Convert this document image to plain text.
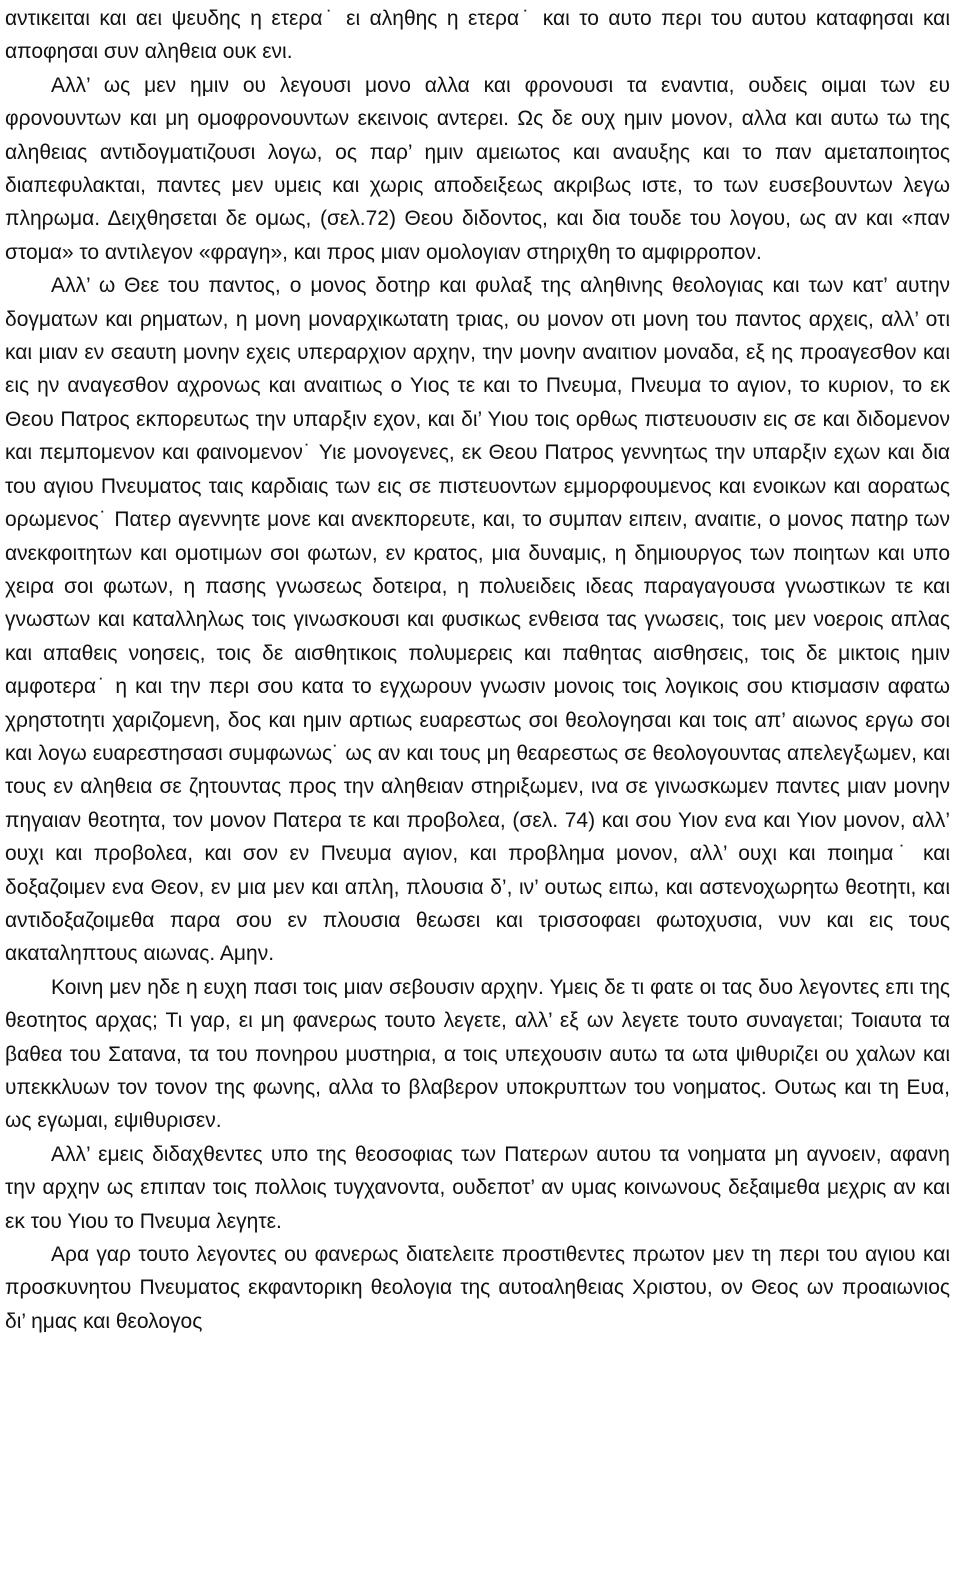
αντικειται και αει ψευδης η ετερα˙ ει αληθης η ετερα˙ και το αυτο περι του αυτου καταφησαι και αποφησαι συν αληθεια ουκ ενι.

Αλλ’ ως μεν ημιν ου λεγουσι μονο αλλα και φρονουσι τα εναντια, ουδεις οιμαι των ευ φρονουντων και μη ομοφρονουντων εκεινοις αντερει. Ως δε ουχ ημιν μονον, αλλα και αυτω τω της αληθειας αντιδογματιζουσι λογω, ος παρ’ ημιν αμειωτος και αναυξης και το παν αμεταποιητος διαπεφυλακται, παντες μεν υμεις και χωρις αποδειξεως ακριβως ιστε, το των ευσεβουντων λεγω πληρωμα. Δειχθησεται δε ομως, (σελ.72) Θεου διδοντος, και δια τουδε του λογου, ως αν και «παν στομα» το αντιλεγον «φραγη», και προς μιαν ομολογιαν στηριχθη το αμφιρροπον.

Αλλ’ ω Θεε του παντος, ο μονος δοτηρ και φυλαξ της αληθινης θεολογιας και των κατ’ αυτην δογματων και ρηματων, η μονη μοναρχικωτατη τριας, ου μονον οτι μονη του παντος αρχεις, αλλ’ οτι και μιαν εν σεαυτη μονην εχεις υπεραρχιον αρχην, την μονην αναιτιον μοναδα, εξ ης προαγεσθον και εις ην αναγεσθον αχρονως και αναιτιως ο Υιος τε και το Πνευμα, Πνευμα το αγιον, το κυριον, το εκ Θεου Πατρος εκπορευτως την υπαρξιν εχον, και δι’ Υιου τοις ορθως πιστευουσιν εις σε και διδομενον και πεμπομενον και φαινομενον˙ Υιε μονογενες, εκ Θεου Πατρος γεννητως την υπαρξιν εχων και δια του αγιου Πνευματος ταις καρδιαις των εις σε πιστευοντων εμμορφουμενος και ενοικων και αορατως ορωμενος˙ Πατερ αγεννητε μονε και ανεκπορευτε, και, το συμπαν ειπειν, αναιτιε, ο μονος πατηρ των ανεκφοιτητων και ομοτιμων σοι φωτων, εν κρατος, μια δυναμις, η δημιουργος των ποιητων και υπο χειρα σοι φωτων, η πασης γνωσεως δοτειρα, η πολυειδεις ιδεας παραγαγουσα γνωστικων τε και γνωστων και καταλληλως τοις γινωσκουσι και φυσικως ενθεισα τας γνωσεις, τοις μεν νοεροις απλας και απαθεις νοησεις, τοις δε αισθητικοις πολυμερεις και παθητας αισθησεις, τοις δε μικτοις ημιν αμφοτερα˙ η και την περι σου κατα το εγχωρουν γνωσιν μονοις τοις λογικοις σου κτισμασιν αφατω χρηστοτητι χαριζομενη, δος και ημιν αρτιως ευαρεστως σοι θεολογησαι και τοις απ’ αιωνος εργω σοι και λογω ευαρεστησασι συμφωνως˙ ως αν και τους μη θεαρεστως σε θεολογουντας απελεγξωμεν, και τους εν αληθεια σε ζητουντας προς την αληθειαν στηριξωμεν, ινα σε γινωσκωμεν παντες μιαν μονην πηγαιαν θεοτητα, τον μονον Πατερα τε και προβολεα, (σελ. 74) και σου Υιον ενα και Υιον μονον, αλλ’ ουχι και προβολεα, και σον εν Πνευμα αγιον, και προβλημα μονον, αλλ’ ουχι και ποιημα˙ και δοξαζοιμεν ενα Θεον, εν μια μεν και απλη, πλουσια δ’, ιν’ ουτως ειπω, και αστενοχωρητω θεοτητι, και αντιδοξαζοιμεθα παρα σου εν πλουσια θεωσει και τρισσοφαει φωτοχυσια, νυν και εις τους ακαταληπτους αιωνας. Αμην.

Κοινη μεν ηδε η ευχη πασι τοις μιαν σεβουσιν αρχην. Υμεις δε τι φατε οι τας δυο λεγοντες επι της θεοτητος αρχας; Τι γαρ, ει μη φανερως τουτο λεγετε, αλλ’ εξ ων λεγετε τουτο συναγεται; Τοιαυτα τα βαθεα του Σατανα, τα του πονηρου μυστηρια, α τοις υπεχουσιν αυτω τα ωτα ψιθυριζει ου χαλων και υπεκκλυων τον τονον της φωνης, αλλα το βλαβερον υποκρυπτων του νοηματος. Ουτως και τη Ευα, ως εγωμαι, εψιθυρισεν.

Αλλ’ εμεις διδαχθεντες υπο της θεοσοφιας των Πατερων αυτου τα νοηματα μη αγνοειν, αφανη την αρχην ως επιπαν τοις πολλοις τυγχανοντα, ουδεποτ’ αν υμας κοινωνους δεξαιμεθα μεχρις αν και εκ του Υιου το Πνευμα λεγητε.

Αρα γαρ τουτο λεγοντες ου φανερως διατελειτε προστιθεντες πρωτον μεν τη περι του αγιου και προσκυνητου Πνευματος εκφαντορικη θεολογια της αυτοαληθειας Χριστου, ον Θεος ων προαιωνιος δι’ ημας και θεολογος
